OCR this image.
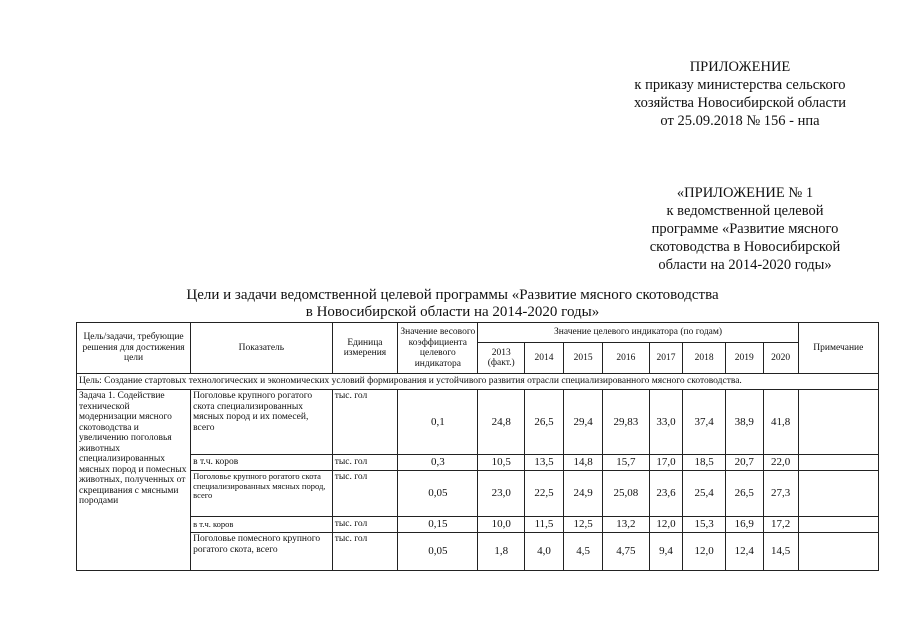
ПРИЛОЖЕНИЕ
к приказу министерства сельского
хозяйства Новосибирской области
от 25.09.2018 № 156 - нпа
«ПРИЛОЖЕНИЕ № 1
к ведомственной целевой
программе «Развитие мясного
скотоводства в Новосибирской
области на 2014-2020 годы»
Цели и задачи ведомственной целевой программы «Развитие мясного скотоводства
в Новосибирской области на 2014-2020 годы»
Цель/задачи, требующие решения для достижения цели	Показатель	Единица измерения	Значение весового коэффициента целевого индикатора	Значение целевого индикатора (по годам)								Примечание
				2013 (факт.)	2014	2015	2016	2017	2018	2019	2020	
Цель: Создание стартовых технологических и экономических условий формирования и устойчивого развития отрасли специализированного мясного скотоводства.												
Задача 1. Содействие технической модернизации мясного скотоводства и увеличению поголовья животных специализированных мясных пород и помесных животных, полученных от скрещивания с мясными породами	Поголовье крупного рогатого скота специализированных мясных пород и их помесей, всего	тыс. гол	0,1	24,8	26,5	29,4	29,83	33,0	37,4	38,9	41,8	
	в т.ч. коров	тыс. гол	0,3	10,5	13,5	14,8	15,7	17,0	18,5	20,7	22,0	
	Поголовье крупного рогатого скота специализированных мясных пород, всего	тыс. гол	0,05	23,0	22,5	24,9	25,08	23,6	25,4	26,5	27,3	
	в т.ч. коров	тыс. гол	0,15	10,0	11,5	12,5	13,2	12,0	15,3	16,9	17,2	
	Поголовье помесного крупного рогатого скота, всего	тыс. гол	0,05	1,8	4,0	4,5	4,75	9,4	12,0	12,4	14,5	
